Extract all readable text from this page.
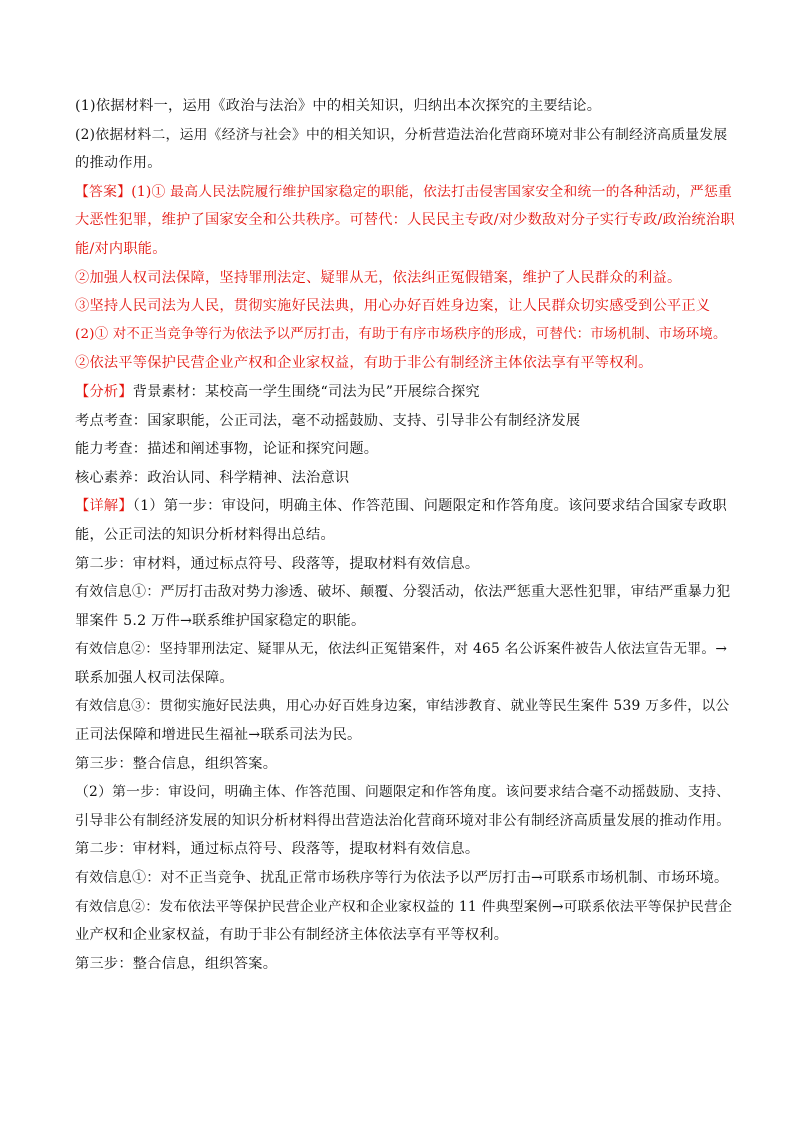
(1)依据材料一，运用《政治与法治》中的相关知识，归纳出本次探究的主要结论。
(2)依据材料二，运用《经济与社会》中的相关知识，分析营造法治化营商环境对非公有制经济高质量发展
的推动作用。
【答案】(1)① 最高人民法院履行维护国家稳定的职能，依法打击侵害国家安全和统一的各种活动，严惩重
大恶性犯罪，维护了国家安全和公共秩序。可替代：人民民主专政/对少数敌对分子实行专政/政治统治职
能/对内职能。
②加强人权司法保障，坚持罪刑法定、疑罪从无，依法纠正冤假错案，维护了人民群众的利益。
③坚持人民司法为人民，贯彻实施好民法典，用心办好百姓身边案，让人民群众切实感受到公平正义
(2)① 对不正当竞争等行为依法予以严厉打击，有助于有序市场秩序的形成，可替代：市场机制、市场环境。
②依法平等保护民营企业产权和企业家权益，有助于非公有制经济主体依法享有平等权利。
【分析】背景素材：某校高一学生围绕“司法为民”开展综合探究
考点考查：国家职能，公正司法，毫不动摇鼓励、支持、引导非公有制经济发展
能力考查：描述和阐述事物，论证和探究问题。
核心素养：政治认同、科学精神、法治意识
【详解】（1）第一步：审设问，明确主体、作答范围、问题限定和作答角度。该问要求结合国家专政职
能，公正司法的知识分析材料得出总结。
第二步：审材料，通过标点符号、段落等，提取材料有效信息。
有效信息①：严厉打击敌对势力渗透、破坏、颠覆、分裂活动，依法严惩重大恶性犯罪，审结严重暴力犯
罪案件 5.2 万件→联系维护国家稳定的职能。
有效信息②：坚持罪刑法定、疑罪从无，依法纠正冤错案件，对 465 名公诉案件被告人依法宣告无罪。→
联系加强人权司法保障。
有效信息③：贯彻实施好民法典，用心办好百姓身边案，审结涉教育、就业等民生案件 539 万多件，以公
正司法保障和增进民生福祉→联系司法为民。
第三步：整合信息，组织答案。
（2）第一步：审设问，明确主体、作答范围、问题限定和作答角度。该问要求结合毫不动摇鼓励、支持、
引导非公有制经济发展的知识分析材料得出营造法治化营商环境对非公有制经济高质量发展的推动作用。
第二步：审材料，通过标点符号、段落等，提取材料有效信息。
有效信息①：对不正当竞争、扰乱正常市场秩序等行为依法予以严厉打击→可联系市场机制、市场环境。
有效信息②：发布依法平等保护民营企业产权和企业家权益的 11 件典型案例→可联系依法平等保护民营企
业产权和企业家权益，有助于非公有制经济主体依法享有平等权利。
第三步：整合信息，组织答案。
